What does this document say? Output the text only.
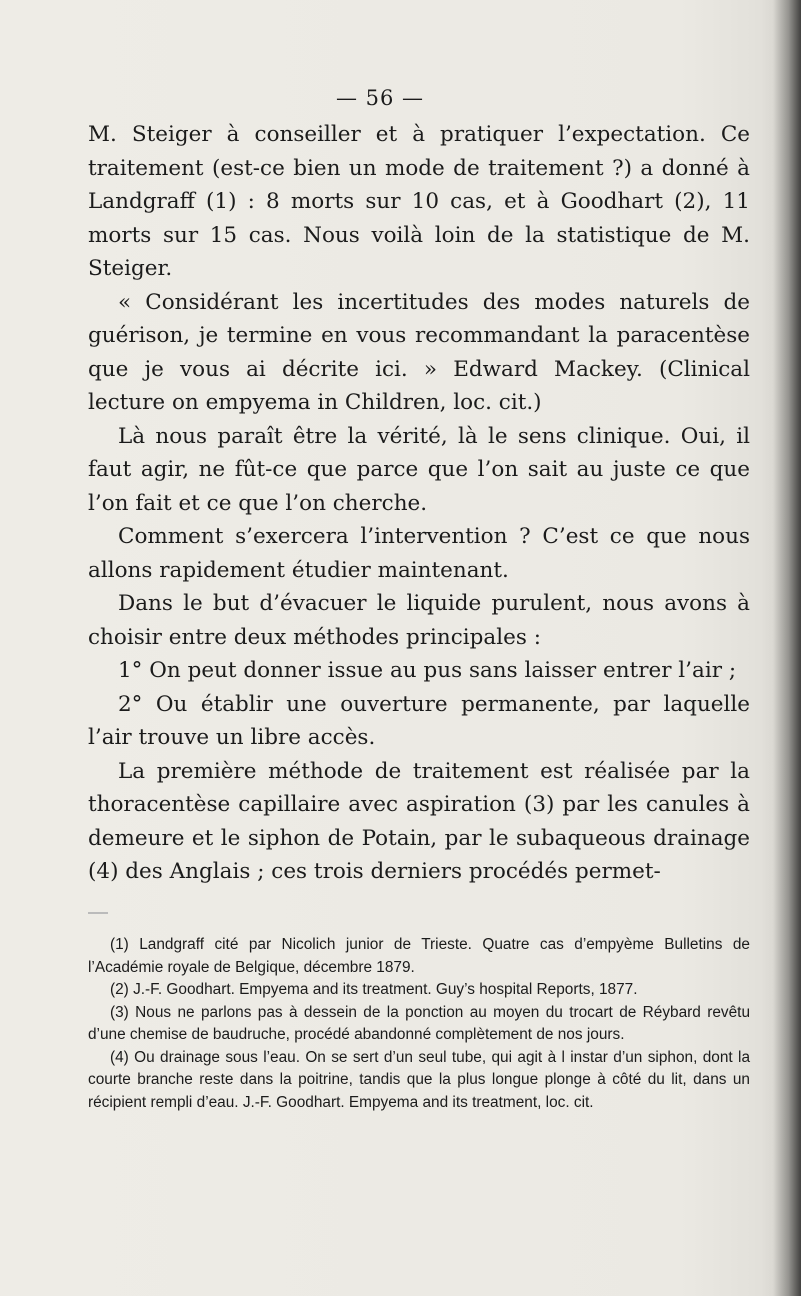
— 56 —

M. Steiger à conseiller et à pratiquer l’expectation. Ce traitement (est-ce bien un mode de traitement ?) a donné à Landgraff (1) : 8 morts sur 10 cas, et à Goodhart (2), 11 morts sur 15 cas. Nous voilà loin de la statistique de M. Steiger.

« Considérant les incertitudes des modes naturels de guérison, je termine en vous recommandant la paracentèse que je vous ai décrite ici. » Edward Mackey. (Clinical lecture on empyema in Children, loc. cit.)

Là nous paraît être la vérité, là le sens clinique. Oui, il faut agir, ne fût-ce que parce que l’on sait au juste ce que l’on fait et ce que l’on cherche.

Comment s’exercera l’intervention ? C’est ce que nous allons rapidement étudier maintenant.

Dans le but d’évacuer le liquide purulent, nous avons à choisir entre deux méthodes principales :

1° On peut donner issue au pus sans laisser entrer l’air ;

2° Ou établir une ouverture permanente, par laquelle l’air trouve un libre accès.

La première méthode de traitement est réalisée par la thoracentèse capillaire avec aspiration (3) par les canules à demeure et le siphon de Potain, par le subaqueous drainage (4) des Anglais ; ces trois derniers procédés permet-

(1) Landgraff cité par Nicolich junior de Trieste. Quatre cas d’empyème Bulletins de l’Académie royale de Belgique, décembre 1879.

(2) J.-F. Goodhart. Empyema and its treatment. Guy’s hospital Reports, 1877.

(3) Nous ne parlons pas à dessein de la ponction au moyen du trocart de Réybard revêtu d’une chemise de baudruche, procédé abandonné complètement de nos jours.

(4) Ou drainage sous l’eau. On se sert d’un seul tube, qui agit à l instar d’un siphon, dont la courte branche reste dans la poitrine, tandis que la plus longue plonge à côté du lit, dans un récipient rempli d’eau. J.-F. Goodhart. Empyema and its treatment, loc. cit.
